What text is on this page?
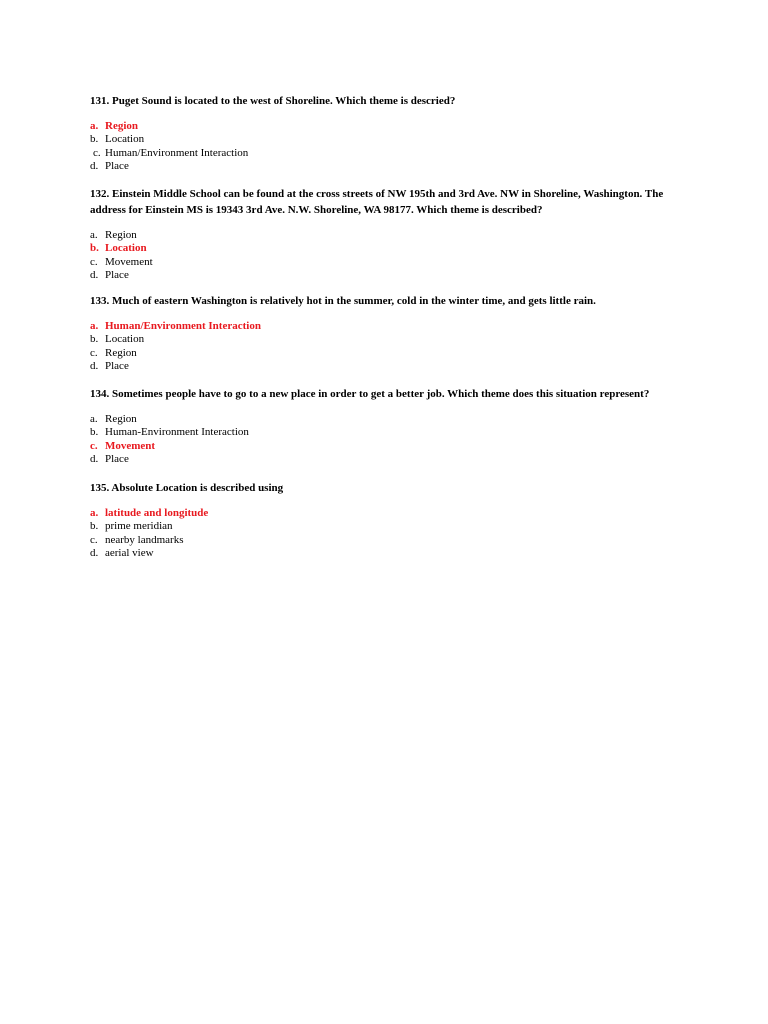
131. Puget Sound is located to the west of Shoreline. Which theme is descried?

a. Region
b. Location
c. Human/Environment Interaction
d. Place

132. Einstein Middle School can be found at the cross streets of NW 195th and 3rd Ave. NW in Shoreline, Washington. The address for Einstein MS is 19343 3rd Ave. N.W. Shoreline, WA 98177. Which theme is described?

a. Region
b. Location
c. Movement
d. Place

133. Much of eastern Washington is relatively hot in the summer, cold in the winter time, and gets little rain.

a. Human/Environment Interaction
b. Location
c. Region
d. Place

134. Sometimes people have to go to a new place in order to get a better job. Which theme does this situation represent?

a. Region
b. Human-Environment Interaction
c. Movement
d. Place

135. Absolute Location is described using

a. latitude and longitude
b. prime meridian
c. nearby landmarks
d. aerial view
